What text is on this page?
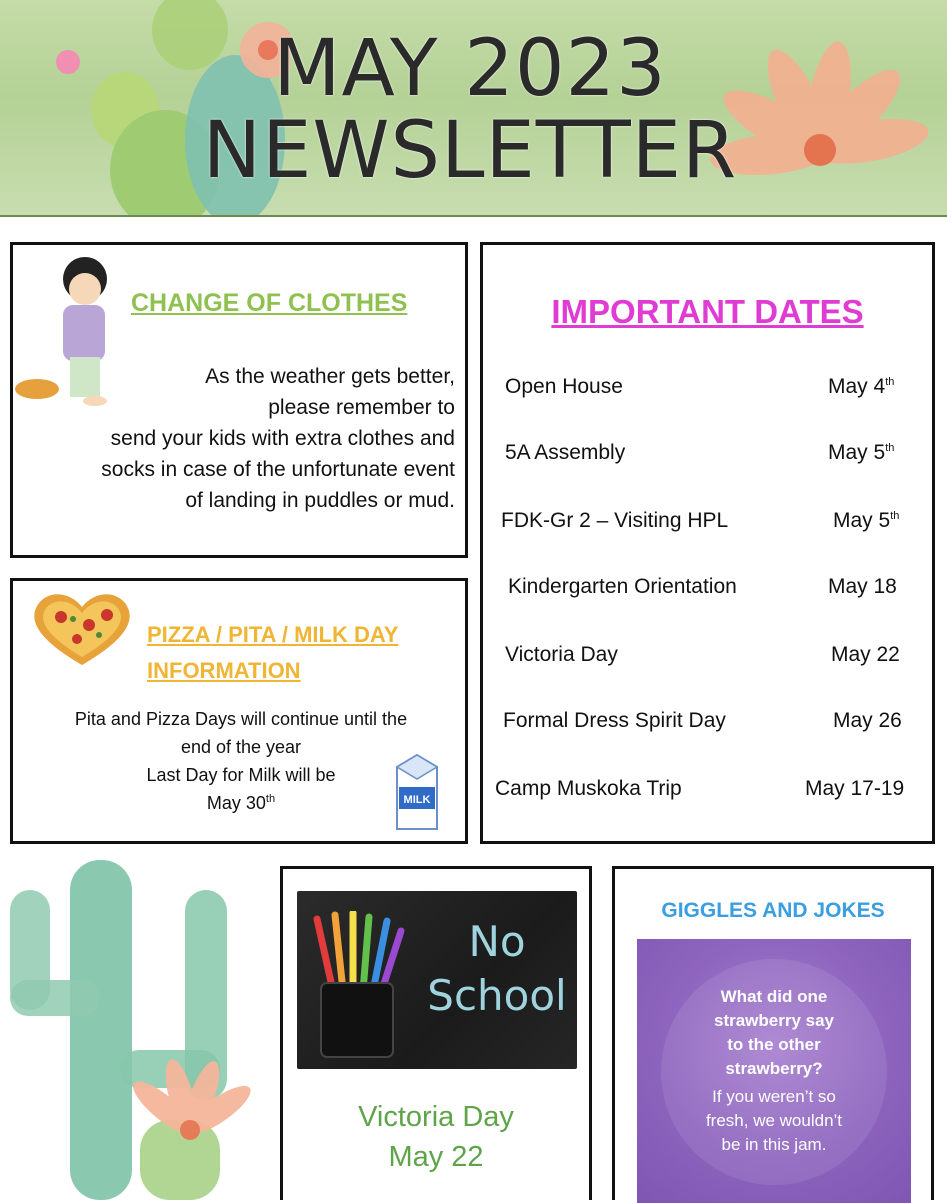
MAY 2023
NEWSLETTER
CHANGE OF CLOTHES
As the weather gets better,
please remember to
send your kids with extra clothes and
socks in case of the unfortunate event
of landing in puddles or mud.
PIZZA / PITA / MILK DAY
INFORMATION
Pita and Pizza Days will continue until the
end of the year
Last Day for Milk will be
May 30th	MILK
IMPORTANT DATES
Open House	May 4th
5A Assembly	May 5th
FDK-Gr 2 – Visiting HPL	May 5th
Kindergarten Orientation	May 18
Victoria Day	May 22
Formal Dress Spirit Day	May 26
Camp Muskoka Trip	May 17-19
No
School
Victoria Day
May 22
GIGGLES AND JOKES
What did one
strawberry say
to the other
strawberry?
If you weren’t so
fresh, we wouldn’t
be in this jam.
